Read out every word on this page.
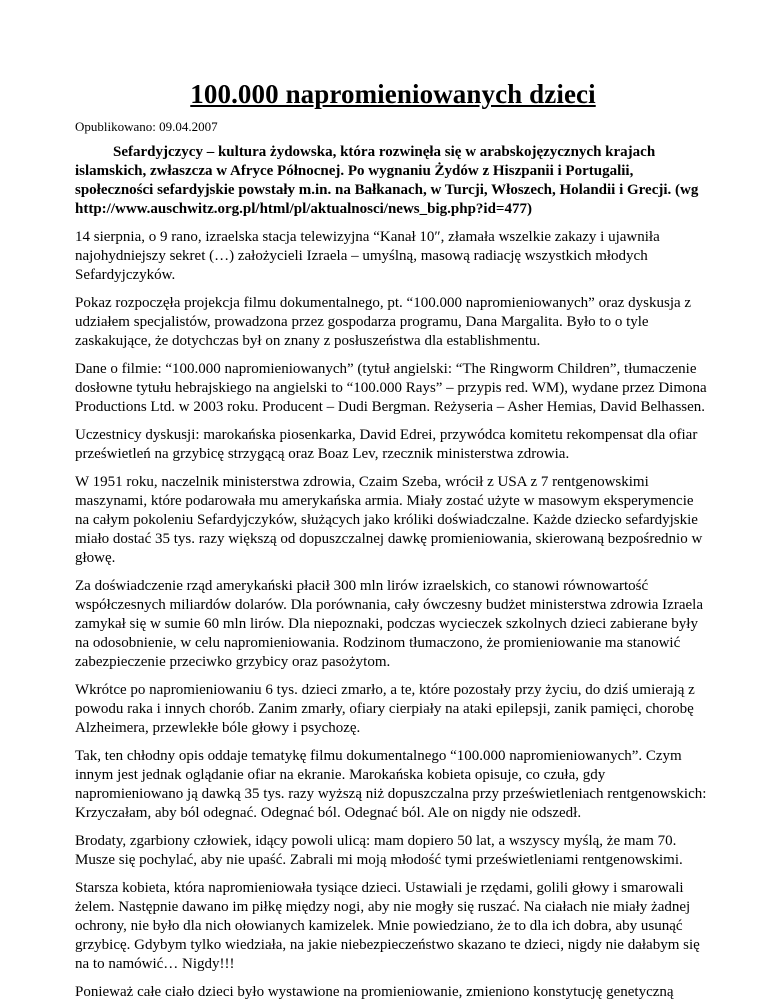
100.000 napromieniowanych dzieci
Opublikowano: 09.04.2007

Sefardyjczycy – kultura żydowska, która rozwinęła się w arabskojęzycznych krajach islamskich, zwłaszcza w Afryce Północnej. Po wygnaniu Żydów z Hiszpanii i Portugalii, społeczności sefardyjskie powstały m.in. na Bałkanach, w Turcji, Włoszech, Holandii i Grecji. (wg http://www.auschwitz.org.pl/html/pl/aktualnosci/news_big.php?id=477)

14 sierpnia, o 9 rano, izraelska stacja telewizyjna “Kanał 10″, złamała wszelkie zakazy i ujawniła najohydniejszy sekret (…) założycieli Izraela – umyślną, masową radiację wszystkich młodych Sefardyjczyków.

Pokaz rozpoczęła projekcja filmu dokumentalnego, pt. “100.000 napromieniowanych” oraz dyskusja z udziałem specjalistów, prowadzona przez gospodarza programu, Dana Margalita. Było to o tyle zaskakujące, że dotychczas był on znany z posłuszeństwa dla establishmentu.

Dane o filmie: “100.000 napromieniowanych” (tytuł angielski: “The Ringworm Children”, tłumaczenie dosłowne tytułu hebrajskiego na angielski to “100.000 Rays” – przypis red. WM), wydane przez Dimona Productions Ltd. w 2003 roku. Producent – Dudi Bergman. Reżyseria – Asher Hemias, David Belhassen.

Uczestnicy dyskusji: marokańska piosenkarka, David Edrei, przywódca komitetu rekompensat dla ofiar prześwietleń na grzybicę strzygącą oraz Boaz Lev, rzecznik ministerstwa zdrowia.

W 1951 roku, naczelnik ministerstwa zdrowia, Czaim Szeba, wrócił z USA z 7 rentgenowskimi maszynami, które podarowała mu amerykańska armia. Miały zostać użyte w masowym eksperymencie na całym pokoleniu Sefardyjczyków, służących jako króliki doświadczalne. Każde dziecko sefardyjskie miało dostać 35 tys. razy większą od dopuszczalnej dawkę promieniowania, skierowaną bezpośrednio w głowę.

Za doświadczenie rząd amerykański płacił 300 mln lirów izraelskich, co stanowi równowartość współczesnych miliardów dolarów. Dla porównania, cały ówczesny budżet ministerstwa zdrowia Izraela zamykał się w sumie 60 mln lirów. Dla niepoznaki, podczas wycieczek szkolnych dzieci zabierane były na odosobnienie, w celu napromieniowania. Rodzinom tłumaczono, że promieniowanie ma stanowić zabezpieczenie przeciwko grzybicy oraz pasożytom.

Wkrótce po napromieniowaniu 6 tys. dzieci zmarło, a te, które pozostały przy życiu, do dziś umierają z powodu raka i innych chorób. Zanim zmarły, ofiary cierpiały na ataki epilepsji, zanik pamięci, chorobę Alzheimera, przewlekłe bóle głowy i psychozę.

Tak, ten chłodny opis oddaje tematykę filmu dokumentalnego “100.000 napromieniowanych”. Czym innym jest jednak oglądanie ofiar na ekranie. Marokańska kobieta opisuje, co czuła, gdy napromieniowano ją dawką 35 tys. razy wyższą niż dopuszczalna przy prześwietleniach rentgenowskich: Krzyczałam, aby ból odegnać. Odegnać ból. Odegnać ból. Ale on nigdy nie odszedł.

Brodaty, zgarbiony człowiek, idący powoli ulicą: mam dopiero 50 lat, a wszyscy myślą, że mam 70. Musze się pochylać, aby nie upaść. Zabrali mi moją młodość tymi prześwietleniami rentgenowskimi.

Starsza kobieta, która napromieniowała tysiące dzieci. Ustawiali je rzędami, golili głowy i smarowali żelem. Następnie dawano im piłkę między nogi, aby nie mogły się ruszać. Na ciałach nie miały żadnej ochrony, nie było dla nich ołowianych kamizelek. Mnie powiedziano, że to dla ich dobra, aby usunąć grzybicę. Gdybym tylko wiedziała, na jakie niebezpieczeństwo skazano te dzieci, nigdy nie dałabym się na to namówić… Nigdy!!!

Ponieważ całe ciało dzieci było wystawione na promieniowanie, zmieniono konstytucję genetyczną
